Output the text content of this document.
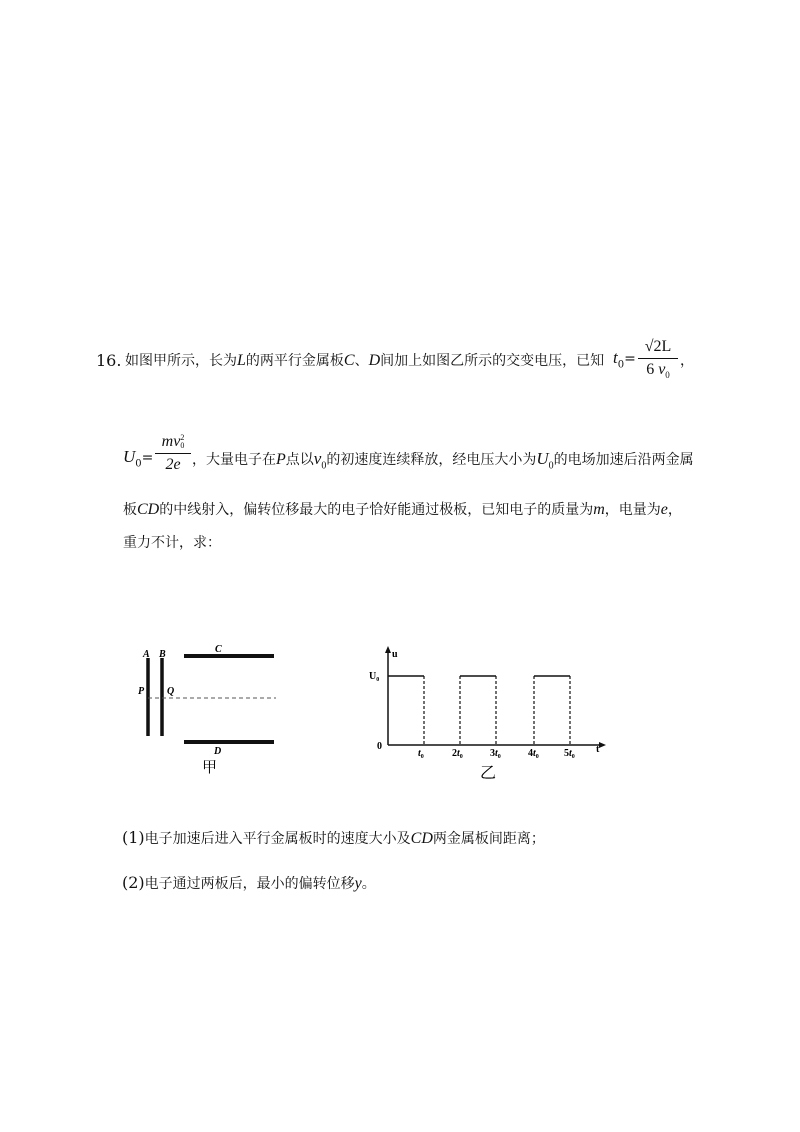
16. 如图甲所示，长为L的两平行金属板C、D间加上如图乙所示的交变电压，已知 $t_0=$
√2L
6 $v_0$
，
$U_0=$
mv 2
0
2e ，大量电子在P点以$v_0$的初速度连续释放，经电压大小为$U_0$的电场加速后沿两金属
板CD的中线射入，偏转位移最大的电子恰好能通过极板，已知电子的质量为m，电量为e，
重力不计，求：
A B	C
D
P Q
甲
u
t
0
$U_0$
$t_0$	$2t_0$	$3t_0$	$4t_0$	$5t_0$
乙
(1)电子加速后进入平行金属板时的速度大小及CD两金属板间距离；
(2)电子通过两板后，最小的偏转位移y。
